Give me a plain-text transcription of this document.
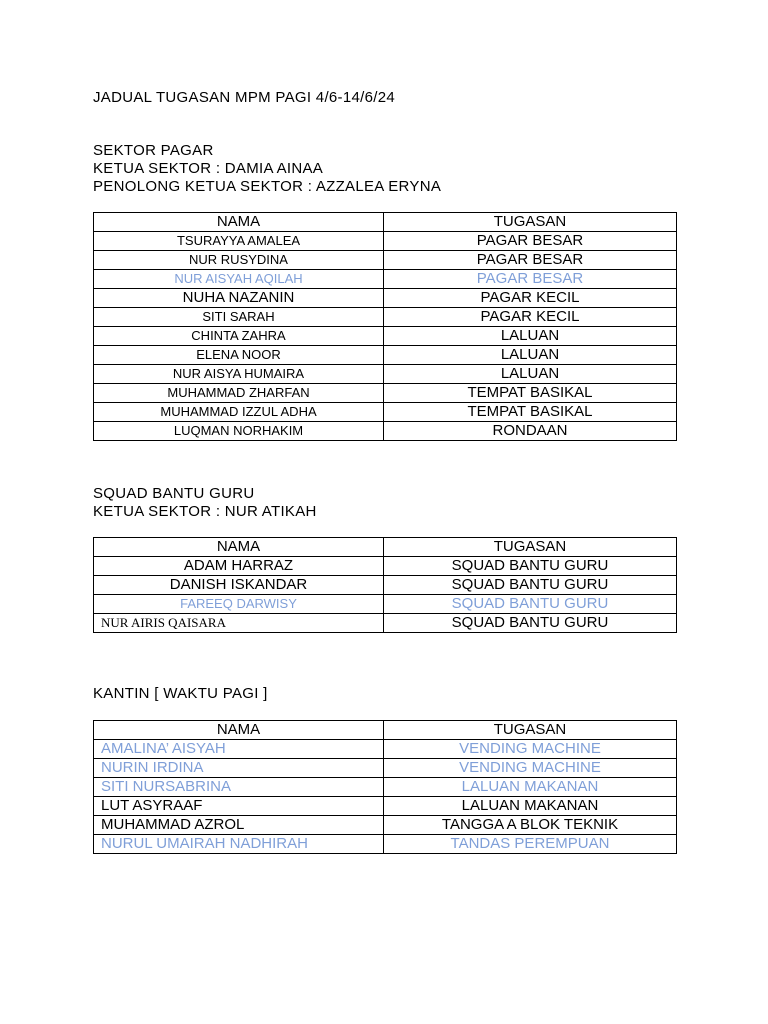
JADUAL TUGASAN MPM PAGI 4/6-14/6/24
SEKTOR PAGAR
KETUA SEKTOR : DAMIA AINAA
PENOLONG KETUA SEKTOR : AZZALEA ERYNA
NAMA	TUGASAN
TSURAYYA AMALEA	PAGAR BESAR
NUR RUSYDINA	PAGAR BESAR
NUR AISYAH AQILAH	PAGAR BESAR
NUHA NAZANIN	PAGAR KECIL
SITI SARAH	PAGAR KECIL
CHINTA ZAHRA	LALUAN
ELENA NOOR	LALUAN
NUR AISYA HUMAIRA	LALUAN
MUHAMMAD ZHARFAN	TEMPAT BASIKAL
MUHAMMAD IZZUL ADHA	TEMPAT BASIKAL
LUQMAN NORHAKIM	RONDAAN
SQUAD BANTU GURU
KETUA SEKTOR : NUR ATIKAH
NAMA	TUGASAN
ADAM HARRAZ	SQUAD BANTU GURU
DANISH ISKANDAR	SQUAD BANTU GURU
FAREEQ DARWISY	SQUAD BANTU GURU
NUR AIRIS QAISARA	SQUAD BANTU GURU
KANTIN [ WAKTU PAGI ]
NAMA	TUGASAN
AMALINA’ AISYAH	VENDING MACHINE
NURIN IRDINA	VENDING MACHINE
SITI NURSABRINA	LALUAN MAKANAN
LUT ASYRAAF	LALUAN MAKANAN
MUHAMMAD AZROL	TANGGA A BLOK TEKNIK
NURUL UMAIRAH NADHIRAH	TANDAS PEREMPUAN
